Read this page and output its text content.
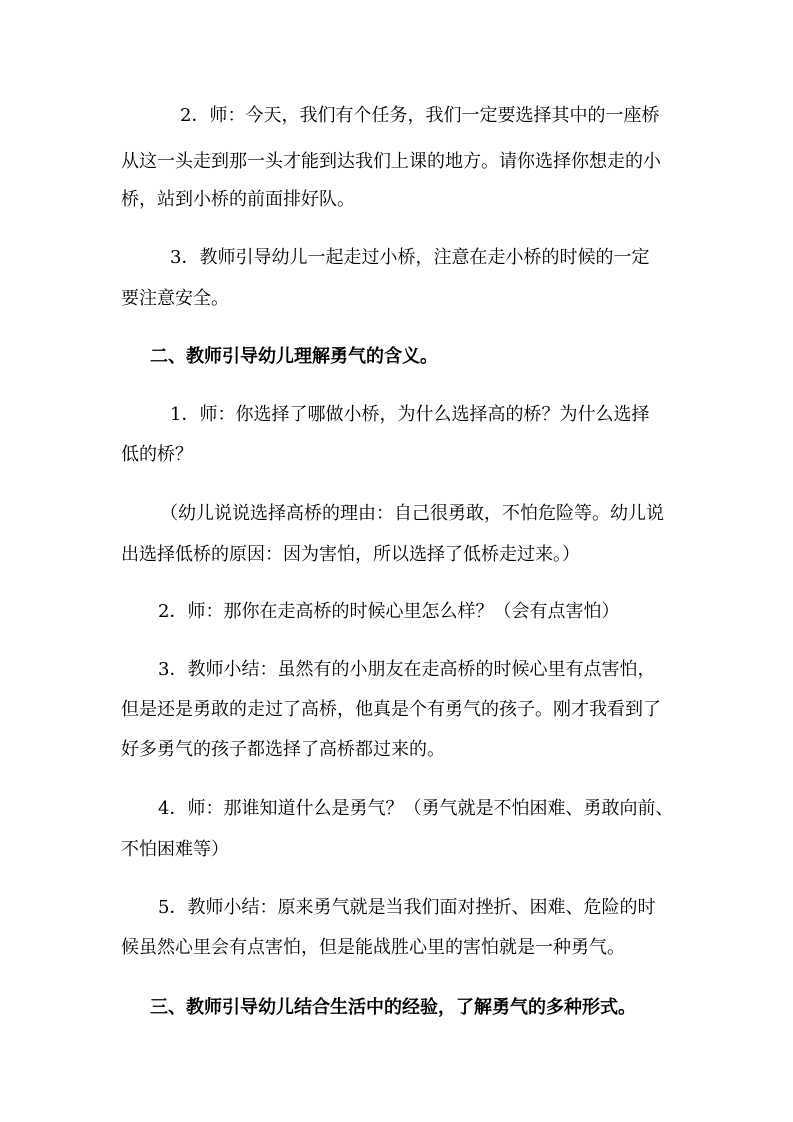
2．师：今天，我们有个任务，我们一定要选择其中的一座桥
从这一头走到那一头才能到达我们上课的地方。请你选择你想走的小
桥，站到小桥的前面排好队。
3．教师引导幼儿一起走过小桥，注意在走小桥的时候的一定
要注意安全。
二、教师引导幼儿理解勇气的含义。
1．师：你选择了哪做小桥，为什么选择高的桥？为什么选择
低的桥？
（幼儿说说选择高桥的理由：自己很勇敢，不怕危险等。幼儿说
出选择低桥的原因：因为害怕，所以选择了低桥走过来。）
2．师：那你在走高桥的时候心里怎么样？（会有点害怕）
3．教师小结：虽然有的小朋友在走高桥的时候心里有点害怕，
但是还是勇敢的走过了高桥，他真是个有勇气的孩子。刚才我看到了
好多勇气的孩子都选择了高桥都过来的。
4．师：那谁知道什么是勇气？（勇气就是不怕困难、勇敢向前、
不怕困难等）
5．教师小结：原来勇气就是当我们面对挫折、困难、危险的时
候虽然心里会有点害怕，但是能战胜心里的害怕就是一种勇气。
三、教师引导幼儿结合生活中的经验，了解勇气的多种形式。
